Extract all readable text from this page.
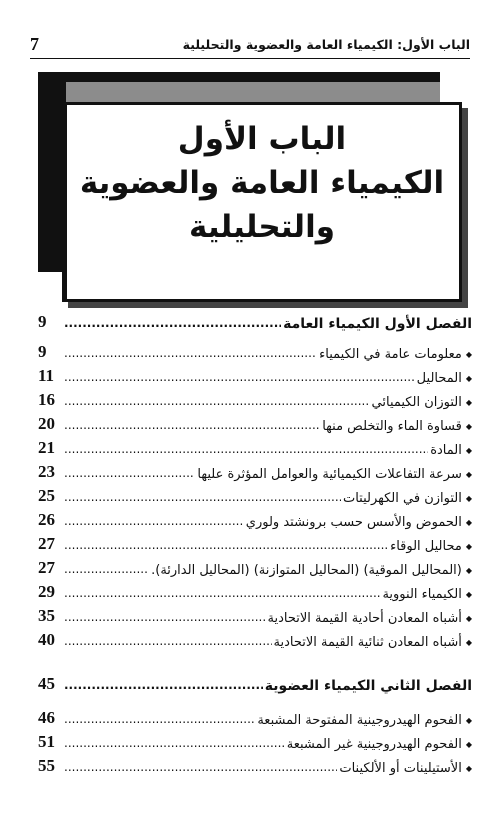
7	الباب الأول: الكيمياء العامة والعضوية والتحليلية
الباب الأول
الكيمياء العامة والعضوية
والتحليلية
الفصل الأول الكيمياء العامة
.....
9
◆معلومات عامة في الكيمياء
.....
9
◆المحاليل
.....
11
◆التوزان الكيميائي
.....
16
◆قساوة الماء والتخلص منها
.....
20
◆المادة
.....
21
◆سرعة التفاعلات الكيميائية والعوامل المؤثرة عليها
.....
23
◆التوازن في الكهرليتات
.....
25
◆الحموض والأسس حسب برونشتد ولوري
.....
26
◆محاليل الوقاء
.....
27
◆(المحاليل الموقية) (المحاليل المتوازنة) (المحاليل الدارئة).
.....
27
◆الكيمياء النووية
.....
29
◆أشباه المعادن أحادية القيمة الاتحادية
.....
35
◆أشباه المعادن ثنائية القيمة الاتحادية
.....
40
الفصل الثاني الكيمياء العضوية
.....
45
◆الفحوم الهيدروجينية المفتوحة المشبعة
.....
46
◆الفحوم الهيدروجينية غير المشبعة
.....
51
◆الأستيلينات أو الألكينات
.....
55
